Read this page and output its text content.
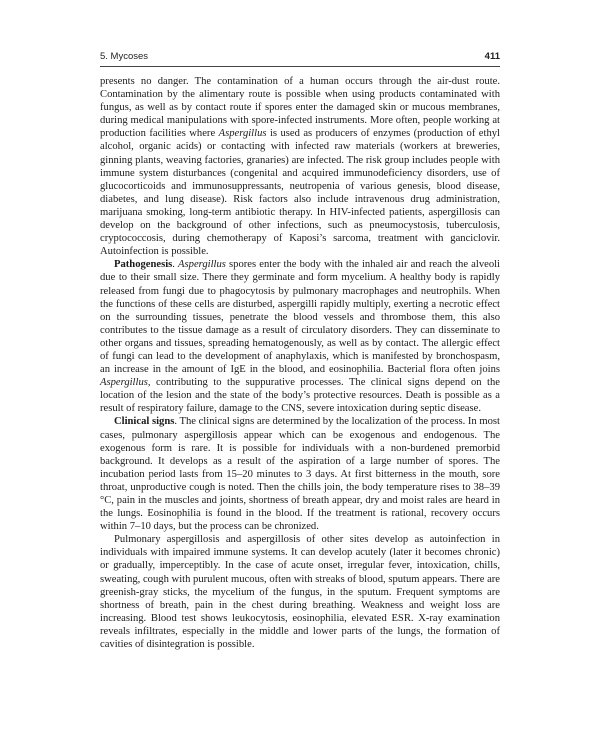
5. Mycoses	411

presents no danger. The contamination of a human occurs through the air-dust route. Contamination by the alimentary route is possible when using products contaminated with fungus, as well as by contact route if spores enter the damaged skin or mucous membranes, during medical manipulations with spore-infected instruments. More often, people working at production facilities where Aspergillus is used as producers of enzymes (production of ethyl alcohol, organic acids) or contacting with infected raw materials (workers at breweries, ginning plants, weaving factories, granaries) are infected. The risk group includes people with immune system disturbances (congenital and acquired immunodeficiency disorders, use of glucocorticoids and immunosuppressants, neutropenia of various genesis, blood disease, diabetes, and lung disease). Risk factors also include intravenous drug administration, marijuana smoking, long-term antibiotic therapy. In HIV-infected patients, aspergillosis can develop on the background of other infections, such as pneumocystosis, tuberculosis, cryptococcosis, during chemotherapy of Kaposi’s sarcoma, treatment with ganciclovir. Autoinfection is possible.

Pathogenesis. Aspergillus spores enter the body with the inhaled air and reach the alveoli due to their small size. There they germinate and form mycelium. A healthy body is rapidly released from fungi due to phagocytosis by pulmonary macrophages and neutrophils. When the functions of these cells are disturbed, aspergilli rapidly multiply, exerting a necrotic effect on the surrounding tissues, penetrate the blood vessels and thrombose them, this also contributes to the tissue damage as a result of circulatory disorders. They can disseminate to other organs and tissues, spreading hematogenously, as well as by contact. The allergic effect of fungi can lead to the development of anaphylaxis, which is manifested by bronchospasm, an increase in the amount of IgE in the blood, and eosinophilia. Bacterial flora often joins Aspergillus, contributing to the suppurative processes. The clinical signs depend on the location of the lesion and the state of the body’s protective resources. Death is possible as a result of respiratory failure, damage to the CNS, severe intoxication during septic disease.

Clinical signs. The clinical signs are determined by the localization of the process. In most cases, pulmonary aspergillosis appear which can be exogenous and endogenous. The exogenous form is rare. It is possible for individuals with a non-burdened premorbid background. It develops as a result of the aspiration of a large number of spores. The incubation period lasts from 15–20 minutes to 3 days. At first bitterness in the mouth, sore throat, unproductive cough is noted. Then the chills join, the body temperature rises to 38–39 °C, pain in the muscles and joints, shortness of breath appear, dry and moist rales are heard in the lungs. Eosinophilia is found in the blood. If the treatment is rational, recovery occurs within 7–10 days, but the process can be chronized.

Pulmonary aspergillosis and aspergillosis of other sites develop as autoinfection in individuals with impaired immune systems. It can develop acutely (later it becomes chronic) or gradually, imperceptibly. In the case of acute onset, irregular fever, intoxication, chills, sweating, cough with purulent mucous, often with streaks of blood, sputum appears. There are greenish-gray sticks, the mycelium of the fungus, in the sputum. Frequent symptoms are shortness of breath, pain in the chest during breathing. Weakness and weight loss are increasing. Blood test shows leukocytosis, eosinophilia, elevated ESR. X-ray examination reveals infiltrates, especially in the middle and lower parts of the lungs, the formation of cavities of disintegration is possible.
